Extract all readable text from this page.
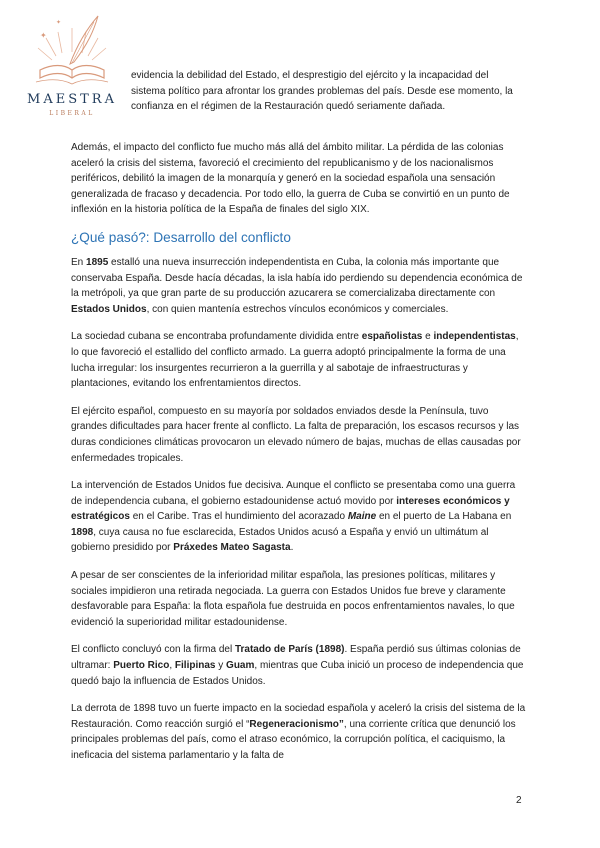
✦
✦
MAESTRA
LIBERAL

evidencia la debilidad del Estado, el desprestigio del ejército y la incapacidad del sistema político para afrontar los grandes problemas del país. Desde ese momento, la confianza en el régimen de la Restauración quedó seriamente dañada.

Además, el impacto del conflicto fue mucho más allá del ámbito militar. La pérdida de las colonias aceleró la crisis del sistema, favoreció el crecimiento del republicanismo y de los nacionalismos periféricos, debilitó la imagen de la monarquía y generó en la sociedad española una sensación generalizada de fracaso y decadencia. Por todo ello, la guerra de Cuba se convirtió en un punto de inflexión en la historia política de la España de finales del siglo XIX.

¿Qué pasó?: Desarrollo del conflicto

En 1895 estalló una nueva insurrección independentista en Cuba, la colonia más importante que conservaba España. Desde hacía décadas, la isla había ido perdiendo su dependencia económica de la metrópoli, ya que gran parte de su producción azucarera se comercializaba directamente con Estados Unidos, con quien mantenía estrechos vínculos económicos y comerciales.

La sociedad cubana se encontraba profundamente dividida entre españolistas e independentistas, lo que favoreció el estallido del conflicto armado. La guerra adoptó principalmente la forma de una lucha irregular: los insurgentes recurrieron a la guerrilla y al sabotaje de infraestructuras y plantaciones, evitando los enfrentamientos directos.

El ejército español, compuesto en su mayoría por soldados enviados desde la Península, tuvo grandes dificultades para hacer frente al conflicto. La falta de preparación, los escasos recursos y las duras condiciones climáticas provocaron un elevado número de bajas, muchas de ellas causadas por enfermedades tropicales.

La intervención de Estados Unidos fue decisiva. Aunque el conflicto se presentaba como una guerra de independencia cubana, el gobierno estadounidense actuó movido por intereses económicos y estratégicos en el Caribe. Tras el hundimiento del acorazado Maine en el puerto de La Habana en 1898, cuya causa no fue esclarecida, Estados Unidos acusó a España y envió un ultimátum al gobierno presidido por Práxedes Mateo Sagasta.

A pesar de ser conscientes de la inferioridad militar española, las presiones políticas, militares y sociales impidieron una retirada negociada. La guerra con Estados Unidos fue breve y claramente desfavorable para España: la flota española fue destruida en pocos enfrentamientos navales, lo que evidenció la superioridad militar estadounidense.

El conflicto concluyó con la firma del Tratado de París (1898). España perdió sus últimas colonias de ultramar: Puerto Rico, Filipinas y Guam, mientras que Cuba inició un proceso de independencia que quedó bajo la influencia de Estados Unidos.

La derrota de 1898 tuvo un fuerte impacto en la sociedad española y aceleró la crisis del sistema de la Restauración. Como reacción surgió el “Regeneracionismo”, una corriente crítica que denunció los principales problemas del país, como el atraso económico, la corrupción política, el caciquismo, la ineficacia del sistema parlamentario y la falta de

2
